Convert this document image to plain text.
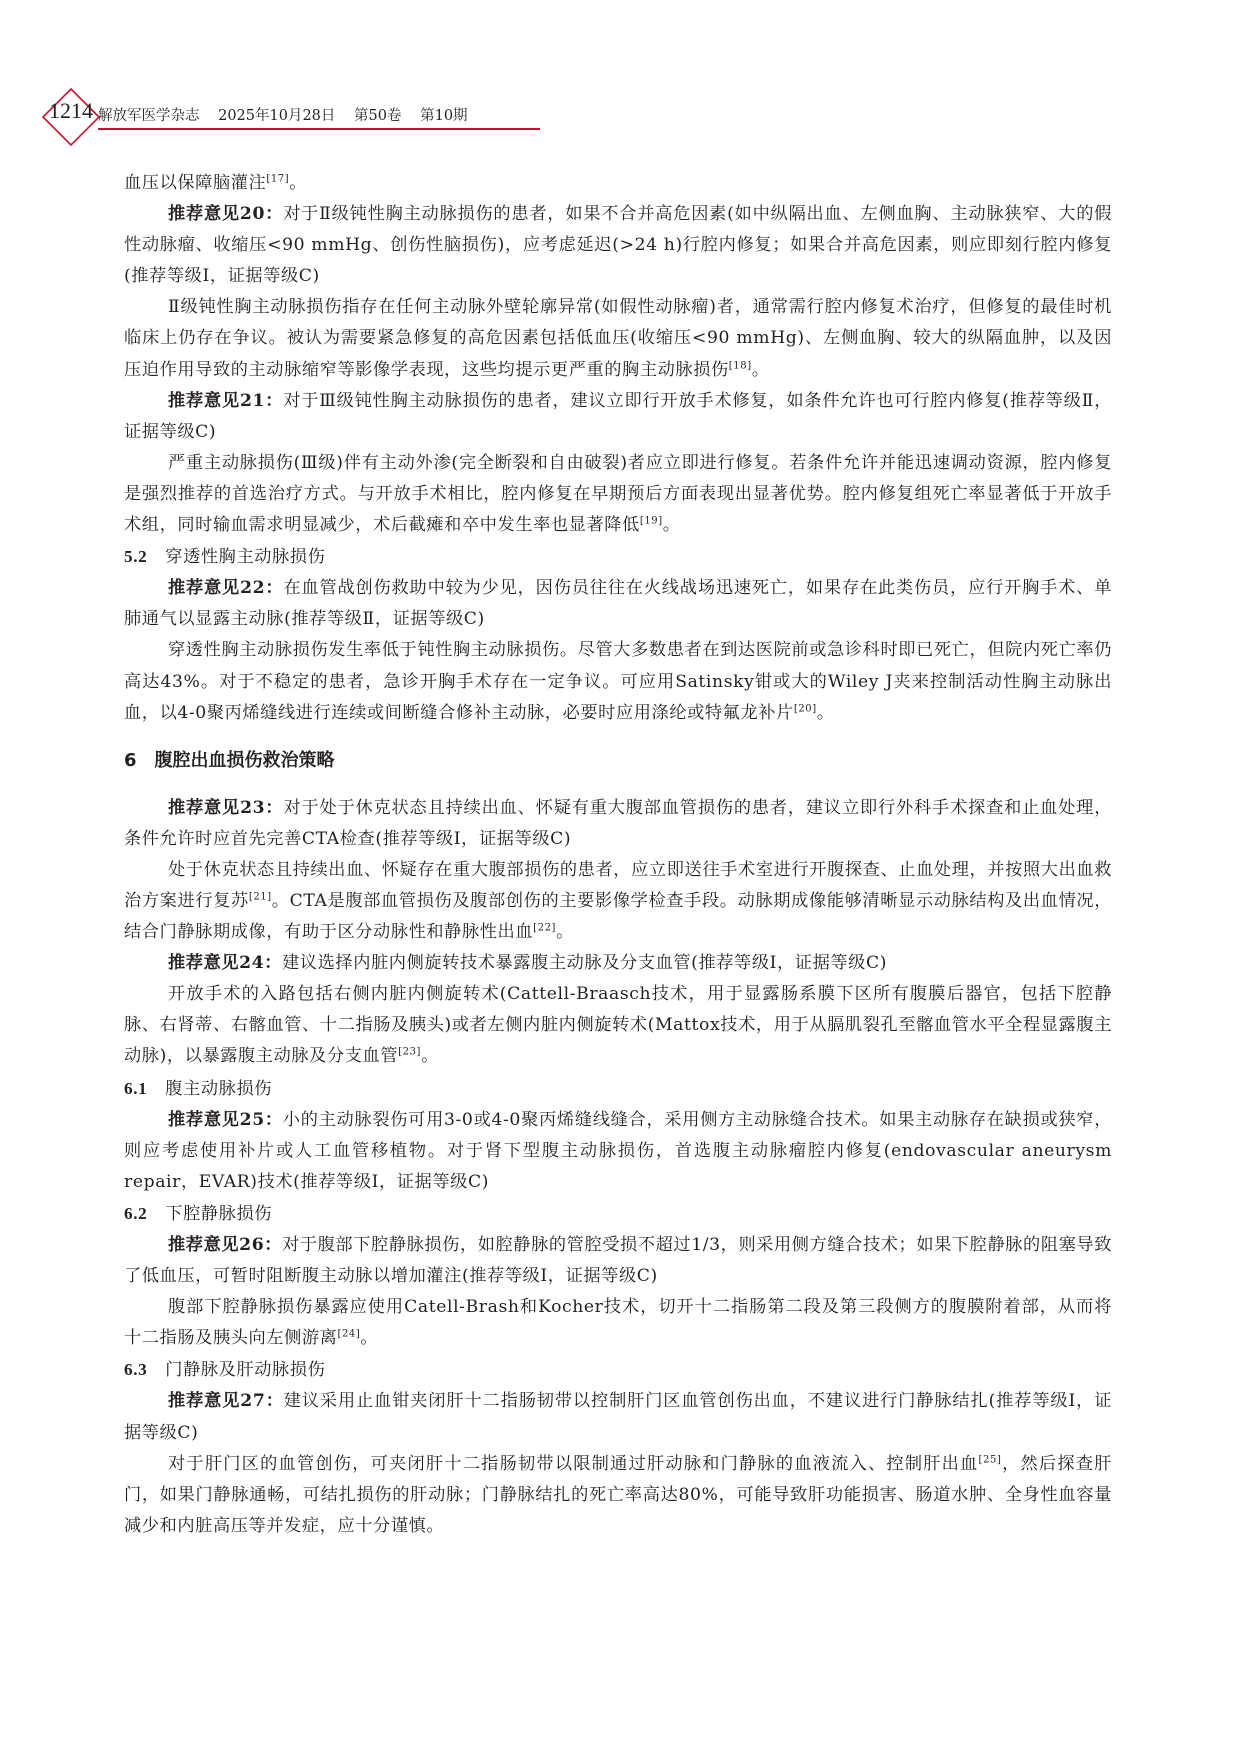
1214 解放军医学杂志 2025年10月28日 第50卷 第10期

血压以保障脑灌注[17]。

推荐意见20：对于Ⅱ级钝性胸主动脉损伤的患者，如果不合并高危因素(如中纵隔出血、左侧血胸、主动脉狭窄、大的假性动脉瘤、收缩压<90 mmHg、创伤性脑损伤)，应考虑延迟(>24 h)行腔内修复；如果合并高危因素，则应即刻行腔内修复(推荐等级Ⅰ，证据等级C)

Ⅱ级钝性胸主动脉损伤指存在任何主动脉外壁轮廓异常(如假性动脉瘤)者，通常需行腔内修复术治疗，但修复的最佳时机临床上仍存在争议。被认为需要紧急修复的高危因素包括低血压(收缩压<90 mmHg)、左侧血胸、较大的纵隔血肿，以及因压迫作用导致的主动脉缩窄等影像学表现，这些均提示更严重的胸主动脉损伤[18]。

推荐意见21：对于Ⅲ级钝性胸主动脉损伤的患者，建议立即行开放手术修复，如条件允许也可行腔内修复(推荐等级Ⅱ，证据等级C)

严重主动脉损伤(Ⅲ级)伴有主动外渗(完全断裂和自由破裂)者应立即进行修复。若条件允许并能迅速调动资源，腔内修复是强烈推荐的首选治疗方式。与开放手术相比，腔内修复在早期预后方面表现出显著优势。腔内修复组死亡率显著低于开放手术组，同时输血需求明显减少，术后截瘫和卒中发生率也显著降低[19]。

5.2 穿透性胸主动脉损伤

推荐意见22：在血管战创伤救助中较为少见，因伤员往往在火线战场迅速死亡，如果存在此类伤员，应行开胸手术、单肺通气以显露主动脉(推荐等级Ⅱ，证据等级C)

穿透性胸主动脉损伤发生率低于钝性胸主动脉损伤。尽管大多数患者在到达医院前或急诊科时即已死亡，但院内死亡率仍高达43%。对于不稳定的患者，急诊开胸手术存在一定争议。可应用Satinsky钳或大的Wiley J夹来控制活动性胸主动脉出血，以4-0聚丙烯缝线进行连续或间断缝合修补主动脉，必要时应用涤纶或特氟龙补片[20]。

6 腹腔出血损伤救治策略

推荐意见23：对于处于休克状态且持续出血、怀疑有重大腹部血管损伤的患者，建议立即行外科手术探查和止血处理，条件允许时应首先完善CTA检查(推荐等级Ⅰ，证据等级C)

处于休克状态且持续出血、怀疑存在重大腹部损伤的患者，应立即送往手术室进行开腹探查、止血处理，并按照大出血救治方案进行复苏[21]。CTA是腹部血管损伤及腹部创伤的主要影像学检查手段。动脉期成像能够清晰显示动脉结构及出血情况，结合门静脉期成像，有助于区分动脉性和静脉性出血[22]。

推荐意见24：建议选择内脏内侧旋转技术暴露腹主动脉及分支血管(推荐等级Ⅰ，证据等级C)

开放手术的入路包括右侧内脏内侧旋转术(Cattell-Braasch技术，用于显露肠系膜下区所有腹膜后器官，包括下腔静脉、右肾蒂、右髂血管、十二指肠及胰头)或者左侧内脏内侧旋转术(Mattox技术，用于从膈肌裂孔至髂血管水平全程显露腹主动脉)，以暴露腹主动脉及分支血管[23]。

6.1 腹主动脉损伤

推荐意见25：小的主动脉裂伤可用3-0或4-0聚丙烯缝线缝合，采用侧方主动脉缝合技术。如果主动脉存在缺损或狭窄，则应考虑使用补片或人工血管移植物。对于肾下型腹主动脉损伤，首选腹主动脉瘤腔内修复(endovascular aneurysm repair，EVAR)技术(推荐等级Ⅰ，证据等级C)

6.2 下腔静脉损伤

推荐意见26：对于腹部下腔静脉损伤，如腔静脉的管腔受损不超过1/3，则采用侧方缝合技术；如果下腔静脉的阻塞导致了低血压，可暂时阻断腹主动脉以增加灌注(推荐等级Ⅰ，证据等级C)

腹部下腔静脉损伤暴露应使用Catell-Brash和Kocher技术，切开十二指肠第二段及第三段侧方的腹膜附着部，从而将十二指肠及胰头向左侧游离[24]。

6.3 门静脉及肝动脉损伤

推荐意见27：建议采用止血钳夹闭肝十二指肠韧带以控制肝门区血管创伤出血，不建议进行门静脉结扎(推荐等级Ⅰ，证据等级C)

对于肝门区的血管创伤，可夹闭肝十二指肠韧带以限制通过肝动脉和门静脉的血液流入、控制肝出血[25]，然后探查肝门，如果门静脉通畅，可结扎损伤的肝动脉；门静脉结扎的死亡率高达80%，可能导致肝功能损害、肠道水肿、全身性血容量减少和内脏高压等并发症，应十分谨慎。
